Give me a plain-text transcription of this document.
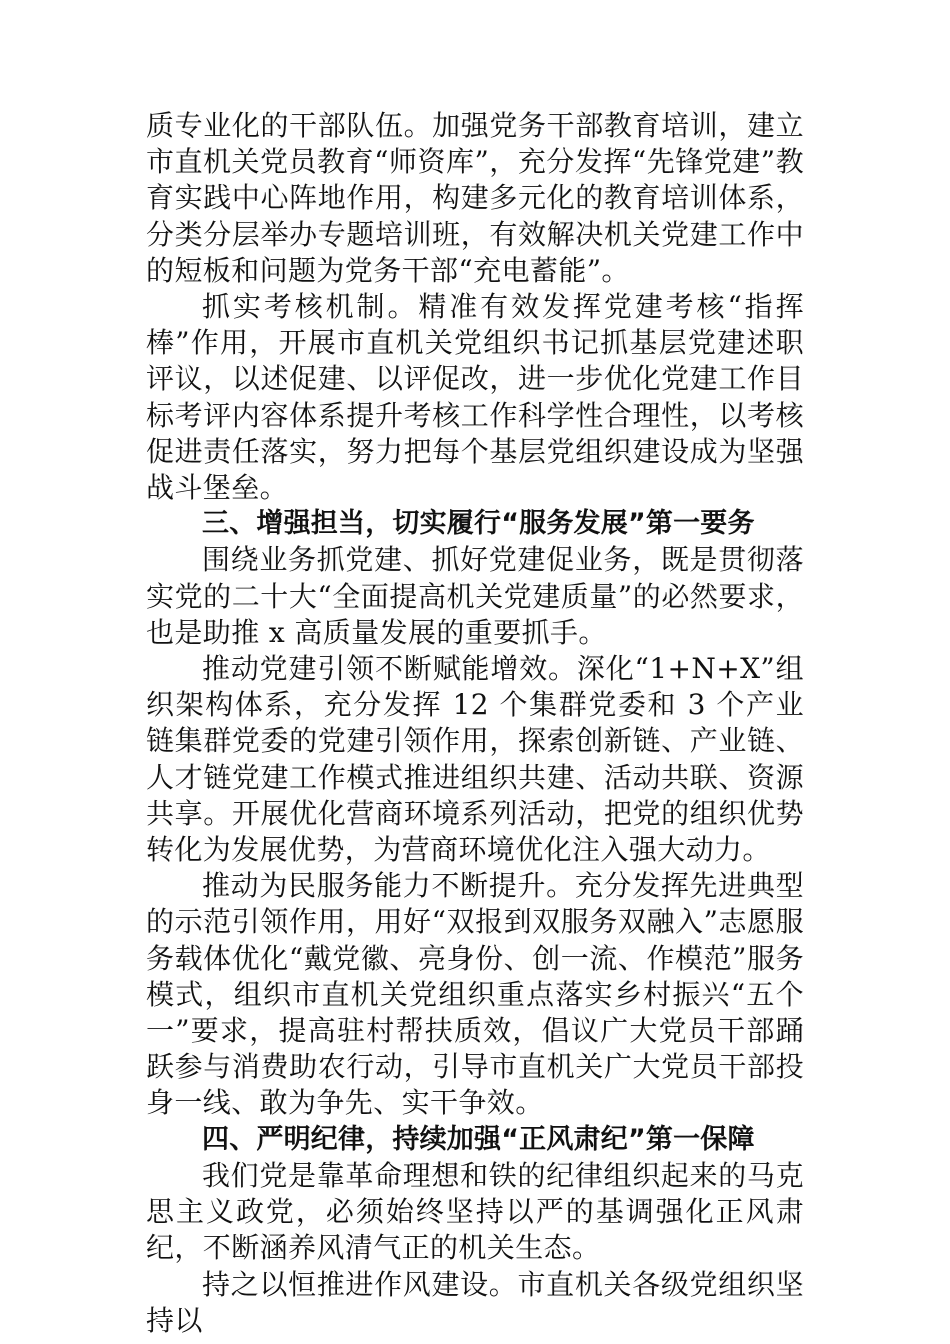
质专业化的干部队伍。加强党务干部教育培训，建立市直机关党员教育“师资库”，充分发挥“先锋党建”教育实践中心阵地作用，构建多元化的教育培训体系，分类分层举办专题培训班，有效解决机关党建工作中的短板和问题为党务干部“充电蓄能”。

抓实考核机制。精准有效发挥党建考核“指挥棒”作用，开展市直机关党组织书记抓基层党建述职评议，以述促建、以评促改，进一步优化党建工作目标考评内容体系提升考核工作科学性合理性，以考核促进责任落实，努力把每个基层党组织建设成为坚强战斗堡垒。

三、增强担当，切实履行“服务发展”第一要务

围绕业务抓党建、抓好党建促业务，既是贯彻落实党的二十大“全面提高机关党建质量”的必然要求，也是助推 x 高质量发展的重要抓手。

推动党建引领不断赋能增效。深化“1+N+X”组织架构体系，充分发挥 12 个集群党委和 3 个产业链集群党委的党建引领作用，探索创新链、产业链、人才链党建工作模式推进组织共建、活动共联、资源共享。开展优化营商环境系列活动，把党的组织优势转化为发展优势，为营商环境优化注入强大动力。

推动为民服务能力不断提升。充分发挥先进典型的示范引领作用，用好“双报到双服务双融入”志愿服务载体优化“戴党徽、亮身份、创一流、作模范”服务模式，组织市直机关党组织重点落实乡村振兴“五个一”要求，提高驻村帮扶质效，倡议广大党员干部踊跃参与消费助农行动，引导市直机关广大党员干部投身一线、敢为争先、实干争效。

四、严明纪律，持续加强“正风肃纪”第一保障

我们党是靠革命理想和铁的纪律组织起来的马克思主义政党，必须始终坚持以严的基调强化正风肃纪，不断涵养风清气正的机关生态。

持之以恒推进作风建设。市直机关各级党组织坚持以
